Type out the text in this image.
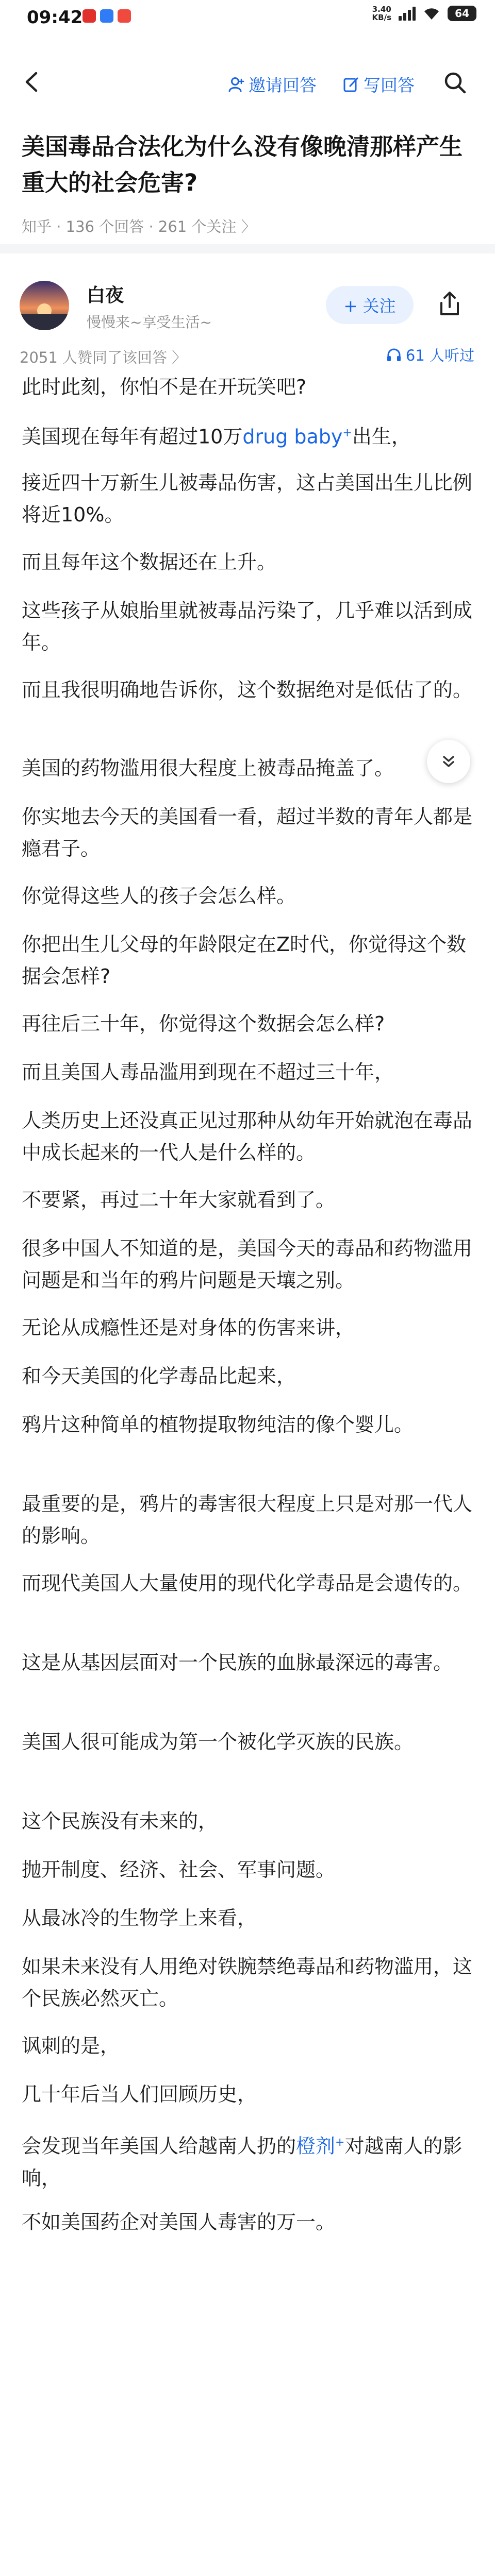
09:42	3.40
KB/s	64
邀请回答	写回答
美国毒品合法化为什么没有像晚清那样产生重大的社会危害?
知乎 · 136 个回答 · 261 个关注 〉
白夜
慢慢来~享受生活~
+ 关注
2051 人赞同了该回答 〉	61 人听过

此时此刻，你怕不是在开玩笑吧?

美国现在每年有超过10万drug baby+出生，

接近四十万新生儿被毒品伤害，这占美国出生儿比例将近10%。

而且每年这个数据还在上升。

这些孩子从娘胎里就被毒品污染了，几乎难以活到成年。

而且我很明确地告诉你，这个数据绝对是低估了的。

美国的药物滥用很大程度上被毒品掩盖了。

你实地去今天的美国看一看，超过半数的青年人都是瘾君子。

你觉得这些人的孩子会怎么样。

你把出生儿父母的年龄限定在Z时代，你觉得这个数据会怎样?

再往后三十年，你觉得这个数据会怎么样?

而且美国人毒品滥用到现在不超过三十年，

人类历史上还没真正见过那种从幼年开始就泡在毒品中成长起来的一代人是什么样的。

不要紧，再过二十年大家就看到了。

很多中国人不知道的是，美国今天的毒品和药物滥用问题是和当年的鸦片问题是天壤之别。

无论从成瘾性还是对身体的伤害来讲，

和今天美国的化学毒品比起来，

鸦片这种简单的植物提取物纯洁的像个婴儿。

最重要的是，鸦片的毒害很大程度上只是对那一代人的影响。

而现代美国人大量使用的现代化学毒品是会遗传的。

这是从基因层面对一个民族的血脉最深远的毒害。

美国人很可能成为第一个被化学灭族的民族。

这个民族没有未来的，

抛开制度、经济、社会、军事问题。

从最冰冷的生物学上来看，

如果未来没有人用绝对铁腕禁绝毒品和药物滥用，这个民族必然灭亡。

讽刺的是，

几十年后当人们回顾历史，

会发现当年美国人给越南人扔的橙剂+对越南人的影响，

不如美国药企对美国人毒害的万一。
